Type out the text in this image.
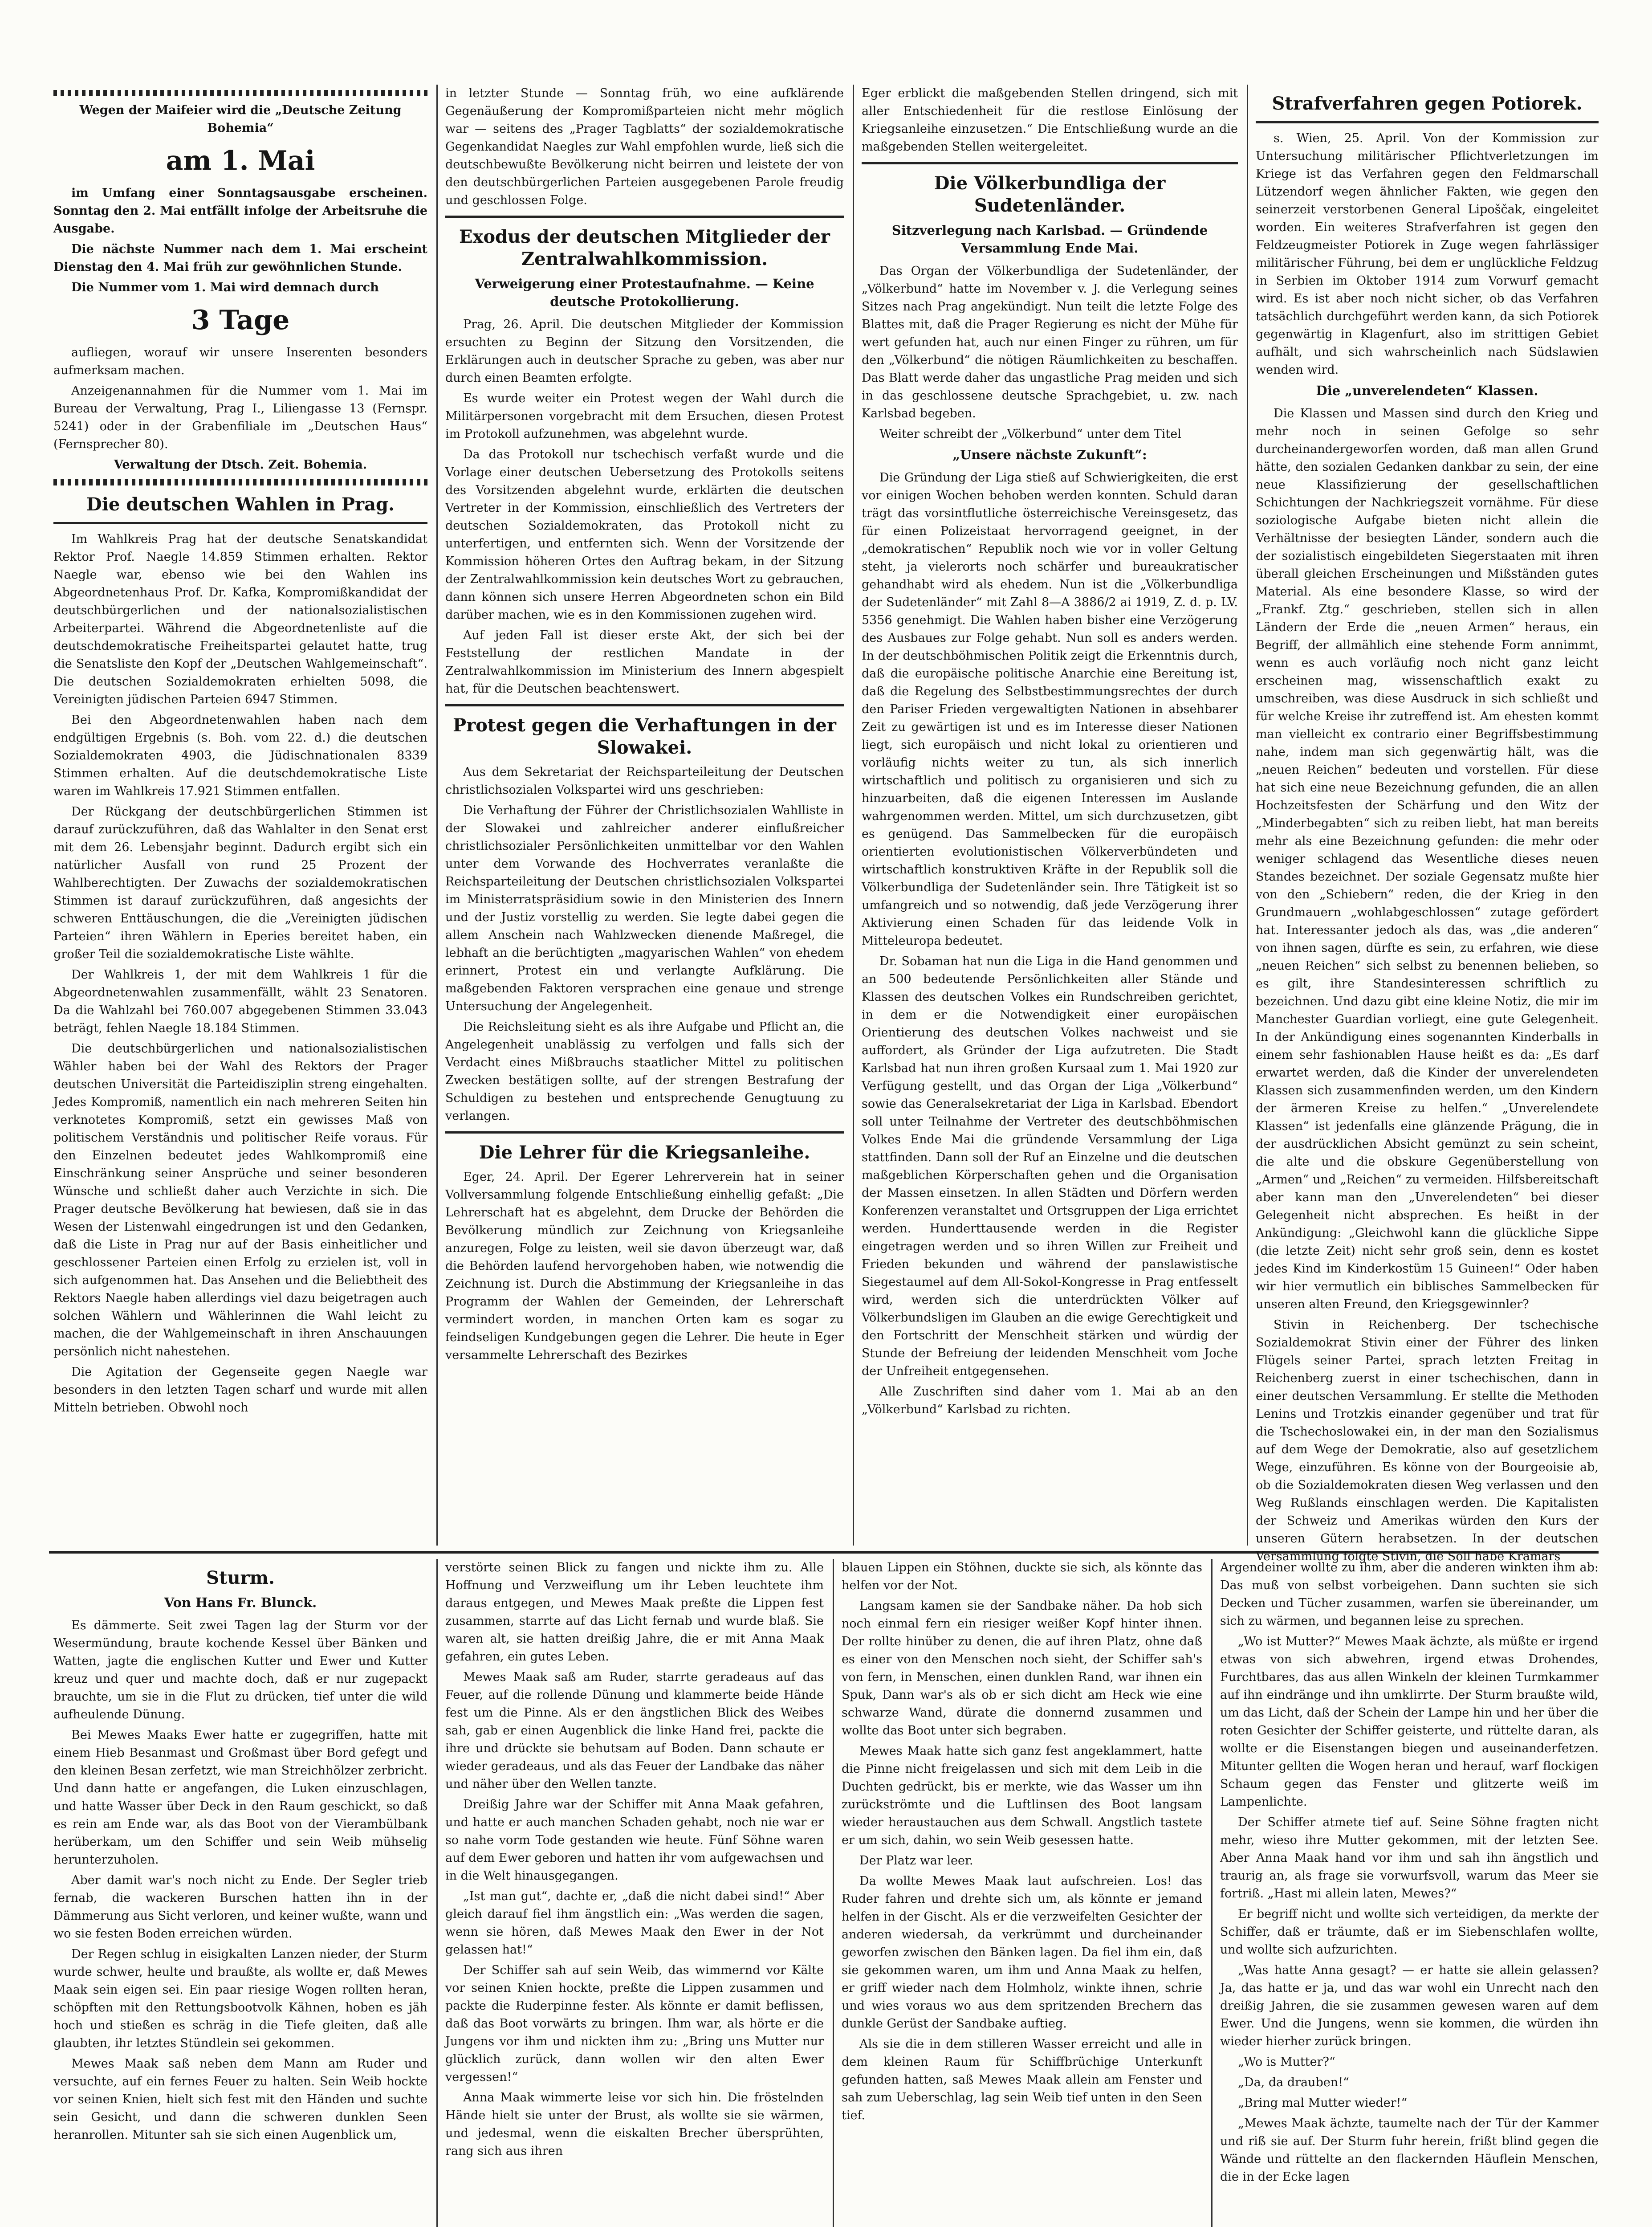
Wegen der Maifeier wird die „Deutsche Zeitung Bohemia“

am 1. Mai

im Umfang einer Sonntagsausgabe erscheinen. Sonntag den 2. Mai entfällt infolge der Arbeitsruhe die Ausgabe.

Die nächste Nummer nach dem 1. Mai erscheint Dienstag den 4. Mai früh zur gewöhnlichen Stunde.

Die Nummer vom 1. Mai wird demnach durch

3 Tage

aufliegen, worauf wir unsere Inserenten besonders aufmerksam machen.

Anzeigenannahmen für die Nummer vom 1. Mai im Bureau der Verwaltung, Prag I., Liliengasse 13 (Fernspr. 5241) oder in der Grabenfiliale im „Deutschen Haus“ (Fernsprecher 80).

Verwaltung der Dtsch. Zeit. Bohemia.

Die deutschen Wahlen in Prag.

Im Wahlkreis Prag hat der deutsche Senatskandidat Rektor Prof. Naegle 14.859 Stimmen erhalten. Rektor Naegle war, ebenso wie bei den Wahlen ins Abgeordnetenhaus Prof. Dr. Kafka, Kompromißkandidat der deutschbürgerlichen und der nationalsozialistischen Arbeiterpartei. Während die Abgeordnetenliste auf die deutschdemokratische Freiheitspartei gelautet hatte, trug die Senatsliste den Kopf der „Deutschen Wahlgemeinschaft“. Die deutschen Sozialdemokraten erhielten 5098, die Vereinigten jüdischen Parteien 6947 Stimmen.

Bei den Abgeordnetenwahlen haben nach dem endgültigen Ergebnis (s. Boh. vom 22. d.) die deutschen Sozialdemokraten 4903, die Jüdischnationalen 8339 Stimmen erhalten. Auf die deutschdemokratische Liste waren im Wahlkreis 17.921 Stimmen entfallen.

Der Rückgang der deutschbürgerlichen Stimmen ist darauf zurückzuführen, daß das Wahlalter in den Senat erst mit dem 26. Lebensjahr beginnt. Dadurch ergibt sich ein natürlicher Ausfall von rund 25 Prozent der Wahlberechtigten. Der Zuwachs der sozialdemokratischen Stimmen ist darauf zurückzuführen, daß angesichts der schweren Enttäuschungen, die die „Vereinigten jüdischen Parteien“ ihren Wählern in Eperies bereitet haben, ein großer Teil die sozialdemokratische Liste wählte.

Der Wahlkreis 1, der mit dem Wahlkreis 1 für die Abgeordnetenwahlen zusammenfällt, wählt 23 Senatoren. Da die Wahlzahl bei 760.007 abgegebenen Stimmen 33.043 beträgt, fehlen Naegle 18.184 Stimmen.

Die deutschbürgerlichen und nationalsozialistischen Wähler haben bei der Wahl des Rektors der Prager deutschen Universität die Parteidisziplin streng eingehalten. Jedes Kompromiß, namentlich ein nach mehreren Seiten hin verknotetes Kompromiß, setzt ein gewisses Maß von politischem Verständnis und politischer Reife voraus. Für den Einzelnen bedeutet jedes Wahlkompromiß eine Einschränkung seiner Ansprüche und seiner besonderen Wünsche und schließt daher auch Verzichte in sich. Die Prager deutsche Bevölkerung hat bewiesen, daß sie in das Wesen der Listenwahl eingedrungen ist und den Gedanken, daß die Liste in Prag nur auf der Basis einheitlicher und geschlossener Parteien einen Erfolg zu erzielen ist, voll in sich aufgenommen hat. Das Ansehen und die Beliebtheit des Rektors Naegle haben allerdings viel dazu beigetragen auch solchen Wählern und Wählerinnen die Wahl leicht zu machen, die der Wahlgemeinschaft in ihren Anschauungen persönlich nicht nahestehen.

Die Agitation der Gegenseite gegen Naegle war besonders in den letzten Tagen scharf und wurde mit allen Mitteln betrieben. Obwohl noch

in letzter Stunde — Sonntag früh, wo eine aufklärende Gegenäußerung der Kompromißparteien nicht mehr möglich war — seitens des „Prager Tagblatts“ der sozialdemokratische Gegenkandidat Naegles zur Wahl empfohlen wurde, ließ sich die deutschbewußte Bevölkerung nicht beirren und leistete der von den deutschbürgerlichen Parteien ausgegebenen Parole freudig und geschlossen Folge.

Exodus der deutschen Mitglieder der Zentralwahlkommission.
Verweigerung einer Protestaufnahme. — Keine deutsche Protokollierung.

Prag, 26. April. Die deutschen Mitglieder der Kommission ersuchten zu Beginn der Sitzung den Vorsitzenden, die Erklärungen auch in deutscher Sprache zu geben, was aber nur durch einen Beamten erfolgte.

Es wurde weiter ein Protest wegen der Wahl durch die Militärpersonen vorgebracht mit dem Ersuchen, diesen Protest im Protokoll aufzunehmen, was abgelehnt wurde.

Da das Protokoll nur tschechisch verfaßt wurde und die Vorlage einer deutschen Uebersetzung des Protokolls seitens des Vorsitzenden abgelehnt wurde, erklärten die deutschen Vertreter in der Kommission, einschließlich des Vertreters der deutschen Sozialdemokraten, das Protokoll nicht zu unterfertigen, und entfernten sich. Wenn der Vorsitzende der Kommission höheren Ortes den Auftrag bekam, in der Sitzung der Zentralwahlkommission kein deutsches Wort zu gebrauchen, dann können sich unsere Herren Abgeordneten schon ein Bild darüber machen, wie es in den Kommissionen zugehen wird.

Auf jeden Fall ist dieser erste Akt, der sich bei der Feststellung der restlichen Mandate in der Zentralwahlkommission im Ministerium des Innern abgespielt hat, für die Deutschen beachtenswert.

Protest gegen die Verhaftungen in der Slowakei.

Aus dem Sekretariat der Reichsparteileitung der Deutschen christlichsozialen Volkspartei wird uns geschrieben:

Die Verhaftung der Führer der Christlichsozialen Wahlliste in der Slowakei und zahlreicher anderer einflußreicher christlichsozialer Persönlichkeiten unmittelbar vor den Wahlen unter dem Vorwande des Hochverrates veranlaßte die Reichsparteileitung der Deutschen christlichsozialen Volkspartei im Ministerratspräsidium sowie in den Ministerien des Innern und der Justiz vorstellig zu werden. Sie legte dabei gegen die allem Anschein nach Wahlzwecken dienende Maßregel, die lebhaft an die berüchtigten „magyarischen Wahlen“ von ehedem erinnert, Protest ein und verlangte Aufklärung. Die maßgebenden Faktoren versprachen eine genaue und strenge Untersuchung der Angelegenheit.

Die Reichsleitung sieht es als ihre Aufgabe und Pflicht an, die Angelegenheit unablässig zu verfolgen und falls sich der Verdacht eines Mißbrauchs staatlicher Mittel zu politischen Zwecken bestätigen sollte, auf der strengen Bestrafung der Schuldigen zu bestehen und entsprechende Genugtuung zu verlangen.

Die Lehrer für die Kriegsanleihe.

Eger, 24. April. Der Egerer Lehrerverein hat in seiner Vollversammlung folgende Entschließung einhellig gefaßt: „Die Lehrerschaft hat es abgelehnt, dem Drucke der Behörden die Bevölkerung mündlich zur Zeichnung von Kriegsanleihe anzuregen, Folge zu leisten, weil sie davon überzeugt war, daß die Behörden laufend hervorgehoben haben, wie notwendig die Zeichnung ist. Durch die Abstimmung der Kriegsanleihe in das Programm der Wahlen der Gemeinden, der Lehrerschaft vermindert worden, in manchen Orten kam es sogar zu feindseligen Kundgebungen gegen die Lehrer. Die heute in Eger versammelte Lehrerschaft des Bezirkes

Eger erblickt die maßgebenden Stellen dringend, sich mit aller Entschiedenheit für die restlose Einlösung der Kriegsanleihe einzusetzen.“ Die Entschließung wurde an die maßgebenden Stellen weitergeleitet.

Die Völkerbundliga der Sudetenländer.
Sitzverlegung nach Karlsbad. — Gründende Versammlung Ende Mai.

Das Organ der Völkerbundliga der Sudetenländer, der „Völkerbund“ hatte im November v. J. die Verlegung seines Sitzes nach Prag angekündigt. Nun teilt die letzte Folge des Blattes mit, daß die Prager Regierung es nicht der Mühe für wert gefunden hat, auch nur einen Finger zu rühren, um für den „Völkerbund“ die nötigen Räumlichkeiten zu beschaffen. Das Blatt werde daher das ungastliche Prag meiden und sich in das geschlossene deutsche Sprachgebiet, u. zw. nach Karlsbad begeben.

Weiter schreibt der „Völkerbund“ unter dem Titel

„Unsere nächste Zukunft“:

Die Gründung der Liga stieß auf Schwierigkeiten, die erst vor einigen Wochen behoben werden konnten. Schuld daran trägt das vorsintflutliche österreichische Vereinsgesetz, das für einen Polizeistaat hervorragend geeignet, in der „demokratischen“ Republik noch wie vor in voller Geltung steht, ja vielerorts noch schärfer und bureaukratischer gehandhabt wird als ehedem. Nun ist die „Völkerbundliga der Sudetenländer“ mit Zahl 8—A 3886/2 ai 1919, Z. d. p. LV. 5356 genehmigt. Die Wahlen haben bisher eine Verzögerung des Ausbaues zur Folge gehabt. Nun soll es anders werden. In der deutschböhmischen Politik zeigt die Erkenntnis durch, daß die europäische politische Anarchie eine Bereitung ist, daß die Regelung des Selbstbestimmungsrechtes der durch den Pariser Frieden vergewaltigten Nationen in absehbarer Zeit zu gewärtigen ist und es im Interesse dieser Nationen liegt, sich europäisch und nicht lokal zu orientieren und vorläufig nichts weiter zu tun, als sich innerlich wirtschaftlich und politisch zu organisieren und sich zu hinzuarbeiten, daß die eigenen Interessen im Auslande wahrgenommen werden. Mittel, um sich durchzusetzen, gibt es genügend. Das Sammelbecken für die europäisch orientierten evolutionistischen Völkerverbündeten und wirtschaftlich konstruktiven Kräfte in der Republik soll die Völkerbundliga der Sudetenländer sein. Ihre Tätigkeit ist so umfangreich und so notwendig, daß jede Verzögerung ihrer Aktivierung einen Schaden für das leidende Volk in Mitteleuropa bedeutet.

Dr. Sobaman hat nun die Liga in die Hand genommen und an 500 bedeutende Persönlichkeiten aller Stände und Klassen des deutschen Volkes ein Rundschreiben gerichtet, in dem er die Notwendigkeit einer europäischen Orientierung des deutschen Volkes nachweist und sie auffordert, als Gründer der Liga aufzutreten. Die Stadt Karlsbad hat nun ihren großen Kursaal zum 1. Mai 1920 zur Verfügung gestellt, und das Organ der Liga „Völkerbund“ sowie das Generalsekretariat der Liga in Karlsbad. Ebendort soll unter Teilnahme der Vertreter des deutschböhmischen Volkes Ende Mai die gründende Versammlung der Liga stattfinden. Dann soll der Ruf an Einzelne und die deutschen maßgeblichen Körperschaften gehen und die Organisation der Massen einsetzen. In allen Städten und Dörfern werden Konferenzen veranstaltet und Ortsgruppen der Liga errichtet werden. Hunderttausende werden in die Register eingetragen werden und so ihren Willen zur Freiheit und Frieden bekunden und während der panslawistische Siegestaumel auf dem All-Sokol-Kongresse in Prag entfesselt wird, werden sich die unterdrückten Völker auf Völkerbundsligen im Glauben an die ewige Gerechtigkeit und den Fortschritt der Menschheit stärken und würdig der Stunde der Befreiung der leidenden Menschheit vom Joche der Unfreiheit entgegensehen.

Alle Zuschriften sind daher vom 1. Mai ab an den „Völkerbund“ Karlsbad zu richten.

Strafverfahren gegen Potiorek.

s. Wien, 25. April. Von der Kommission zur Untersuchung militärischer Pflichtverletzungen im Kriege ist das Verfahren gegen den Feldmarschall Lützendorf wegen ähnlicher Fakten, wie gegen den seinerzeit verstorbenen General Lipoščak, eingeleitet worden. Ein weiteres Strafverfahren ist gegen den Feldzeugmeister Potiorek in Zuge wegen fahrlässiger militärischer Führung, bei dem er unglückliche Feldzug in Serbien im Oktober 1914 zum Vorwurf gemacht wird. Es ist aber noch nicht sicher, ob das Verfahren tatsächlich durchgeführt werden kann, da sich Potiorek gegenwärtig in Klagenfurt, also im strittigen Gebiet aufhält, und sich wahrscheinlich nach Südslawien wenden wird.

Die „unverelendeten“ Klassen.

Die Klassen und Massen sind durch den Krieg und mehr noch in seinen Gefolge so sehr durcheinandergeworfen worden, daß man allen Grund hätte, den sozialen Gedanken dankbar zu sein, der eine neue Klassifizierung der gesellschaftlichen Schichtungen der Nachkriegszeit vornähme. Für diese soziologische Aufgabe bieten nicht allein die Verhältnisse der besiegten Länder, sondern auch die der sozialistisch eingebildeten Siegerstaaten mit ihren überall gleichen Erscheinungen und Mißständen gutes Material. Als eine besondere Klasse, so wird der „Frankf. Ztg.“ geschrieben, stellen sich in allen Ländern der Erde die „neuen Armen“ heraus, ein Begriff, der allmählich eine stehende Form annimmt, wenn es auch vorläufig noch nicht ganz leicht erscheinen mag, wissenschaftlich exakt zu umschreiben, was diese Ausdruck in sich schließt und für welche Kreise ihr zutreffend ist. Am ehesten kommt man vielleicht ex contrario einer Begriffsbestimmung nahe, indem man sich gegenwärtig hält, was die „neuen Reichen“ bedeuten und vorstellen. Für diese hat sich eine neue Bezeichnung gefunden, die an allen Hochzeitsfesten der Schärfung und den Witz der „Minderbegabten“ sich zu reiben liebt, hat man bereits mehr als eine Bezeichnung gefunden: die mehr oder weniger schlagend das Wesentliche dieses neuen Standes bezeichnet. Der soziale Gegensatz mußte hier von den „Schiebern“ reden, die der Krieg in den Grundmauern „wohlabgeschlossen“ zutage gefördert hat. Interessanter jedoch als das, was „die anderen“ von ihnen sagen, dürfte es sein, zu erfahren, wie diese „neuen Reichen“ sich selbst zu benennen belieben, so es gilt, ihre Standesinteressen schriftlich zu bezeichnen. Und dazu gibt eine kleine Notiz, die mir im Manchester Guardian vorliegt, eine gute Gelegenheit. In der Ankündigung eines sogenannten Kinderballs in einem sehr fashionablen Hause heißt es da: „Es darf erwartet werden, daß die Kinder der unverelendeten Klassen sich zusammenfinden werden, um den Kindern der ärmeren Kreise zu helfen.“ „Unverelendete Klassen“ ist jedenfalls eine glänzende Prägung, die in der ausdrücklichen Absicht gemünzt zu sein scheint, die alte und die obskure Gegenüberstellung von „Armen“ und „Reichen“ zu vermeiden. Hilfsbereitschaft aber kann man den „Unverelendeten“ bei dieser Gelegenheit nicht absprechen. Es heißt in der Ankündigung: „Gleichwohl kann die glückliche Sippe (die letzte Zeit) nicht sehr groß sein, denn es kostet jedes Kind im Kinderkostüm 15 Guineen!“ Oder haben wir hier vermutlich ein biblisches Sammelbecken für unseren alten Freund, den Kriegsgewinnler?

Stivin in Reichenberg. Der tschechische Sozialdemokrat Stivin einer der Führer des linken Flügels seiner Partei, sprach letzten Freitag in Reichenberg zuerst in einer tschechischen, dann in einer deutschen Versammlung. Er stellte die Methoden Lenins und Trotzkis einander gegenüber und trat für die Tschechoslowakei ein, in der man den Sozialismus auf dem Wege der Demokratie, also auf gesetzlichem Wege, einzuführen. Es könne von der Bourgeoisie ab, ob die Sozialdemokraten diesen Weg verlassen und den Weg Rußlands einschlagen werden. Die Kapitalisten der Schweiz und Amerikas würden den Kurs der unseren Gütern herabsetzen. In der deutschen Versammlung folgte Stivin, die Soll habe Kramars

Sturm.
Von Hans Fr. Blunck.

Es dämmerte. Seit zwei Tagen lag der Sturm vor der Wesermündung, braute kochende Kessel über Bänken und Watten, jagte die englischen Kutter und Ewer und Kutter kreuz und quer und machte doch, daß er nur zugepackt brauchte, um sie in die Flut zu drücken, tief unter die wild aufheulende Dünung.

Bei Mewes Maaks Ewer hatte er zugegriffen, hatte mit einem Hieb Besanmast und Großmast über Bord gefegt und den kleinen Besan zerfetzt, wie man Streichhölzer zerbricht. Und dann hatte er angefangen, die Luken einzuschlagen, und hatte Wasser über Deck in den Raum geschickt, so daß es rein am Ende war, als das Boot von der Vierambülbank herüberkam, um den Schiffer und sein Weib mühselig herunterzuholen.

Aber damit war's noch nicht zu Ende. Der Segler trieb fernab, die wackeren Burschen hatten ihn in der Dämmerung aus Sicht verloren, und keiner wußte, wann und wo sie festen Boden erreichen würden.

Der Regen schlug in eisigkalten Lanzen nieder, der Sturm wurde schwer, heulte und braußte, als wollte er, daß Mewes Maak sein eigen sei. Ein paar riesige Wogen rollten heran, schöpften mit den Rettungsbootvolk Kähnen, hoben es jäh hoch und stießen es schräg in die Tiefe gleiten, daß alle glaubten, ihr letztes Stündlein sei gekommen.

Mewes Maak saß neben dem Mann am Ruder und versuchte, auf ein fernes Feuer zu halten. Sein Weib hockte vor seinen Knien, hielt sich fest mit den Händen und suchte sein Gesicht, und dann die schweren dunklen Seen heranrollen. Mitunter sah sie sich einen Augenblick um,

verstörte seinen Blick zu fangen und nickte ihm zu. Alle Hoffnung und Verzweiflung um ihr Leben leuchtete ihm daraus entgegen, und Mewes Maak preßte die Lippen fest zusammen, starrte auf das Licht fernab und wurde blaß. Sie waren alt, sie hatten dreißig Jahre, die er mit Anna Maak gefahren, ein gutes Leben.

Mewes Maak saß am Ruder, starrte geradeaus auf das Feuer, auf die rollende Dünung und klammerte beide Hände fest um die Pinne. Als er den ängstlichen Blick des Weibes sah, gab er einen Augenblick die linke Hand frei, packte die ihre und drückte sie behutsam auf Boden. Dann schaute er wieder geradeaus, und als das Feuer der Landbake das näher und näher über den Wellen tanzte.

Dreißig Jahre war der Schiffer mit Anna Maak gefahren, und hatte er auch manchen Schaden gehabt, noch nie war er so nahe vorm Tode gestanden wie heute. Fünf Söhne waren auf dem Ewer geboren und hatten ihr vom aufgewachsen und in die Welt hinausgegangen.

„Ist man gut“, dachte er, „daß die nicht dabei sind!“ Aber gleich darauf fiel ihm ängstlich ein: „Was werden die sagen, wenn sie hören, daß Mewes Maak den Ewer in der Not gelassen hat!“

Der Schiffer sah auf sein Weib, das wimmernd vor Kälte vor seinen Knien hockte, preßte die Lippen zusammen und packte die Ruderpinne fester. Als könnte er damit beflissen, daß das Boot vorwärts zu bringen. Ihm war, als hörte er die Jungens vor ihm und nickten ihm zu: „Bring uns Mutter nur glücklich zurück, dann wollen wir den alten Ewer vergessen!“

Anna Maak wimmerte leise vor sich hin. Die fröstelnden Hände hielt sie unter der Brust, als wollte sie sie wärmen, und jedesmal, wenn die eiskalten Brecher übersprühten, rang sich aus ihren

blauen Lippen ein Stöhnen, duckte sie sich, als könnte das helfen vor der Not.

Langsam kamen sie der Sandbake näher. Da hob sich noch einmal fern ein riesiger weißer Kopf hinter ihnen. Der rollte hinüber zu denen, die auf ihren Platz, ohne daß es einer von den Menschen noch sieht, der Schiffer sah's von fern, in Menschen, einen dunklen Rand, war ihnen ein Spuk, Dann war's als ob er sich dicht am Heck wie eine schwarze Wand, dürate die donnernd zusammen und wollte das Boot unter sich begraben.

Mewes Maak hatte sich ganz fest angeklammert, hatte die Pinne nicht freigelassen und sich mit dem Leib in die Duchten gedrückt, bis er merkte, wie das Wasser um ihn zurückströmte und die Luftlinsen des Boot langsam wieder heraustauchen aus dem Schwall. Angstlich tastete er um sich, dahin, wo sein Weib gesessen hatte.

Der Platz war leer.

Da wollte Mewes Maak laut aufschreien. Los! das Ruder fahren und drehte sich um, als könnte er jemand helfen in der Gischt. Als er die verzweifelten Gesichter der anderen wiedersah, da verkrümmt und durcheinander geworfen zwischen den Bänken lagen. Da fiel ihm ein, daß sie gekommen waren, um ihm und Anna Maak zu helfen, er griff wieder nach dem Holmholz, winkte ihnen, schrie und wies voraus wo aus dem spritzenden Brechern das dunkle Gerüst der Sandbake auftieg.

Als sie die in dem stilleren Wasser erreicht und alle in dem kleinen Raum für Schiffbrüchige Unterkunft gefunden hatten, saß Mewes Maak allein am Fenster und sah zum Ueberschlag, lag sein Weib tief unten in den Seen tief.

Argendeiner wollte zu ihm, aber die anderen winkten ihm ab: Das muß von selbst vorbeigehen. Dann suchten sie sich Decken und Tücher zusammen, warfen sie übereinander, um sich zu wärmen, und begannen leise zu sprechen.

„Wo ist Mutter?“ Mewes Maak ächzte, als müßte er irgend etwas von sich abwehren, irgend etwas Drohendes, Furchtbares, das aus allen Winkeln der kleinen Turmkammer auf ihn eindränge und ihn umklirrte. Der Sturm braußte wild, um das Licht, daß der Schein der Lampe hin und her über die roten Gesichter der Schiffer geisterte, und rüttelte daran, als wollte er die Eisenstangen biegen und auseinanderfetzen. Mitunter gellten die Wogen heran und herauf, warf flockigen Schaum gegen das Fenster und glitzerte weiß im Lampenlichte.

Der Schiffer atmete tief auf. Seine Söhne fragten nicht mehr, wieso ihre Mutter gekommen, mit der letzten See. Aber Anna Maak hand vor ihm und sah ihn ängstlich und traurig an, als frage sie vorwurfsvoll, warum das Meer sie fortriß. „Hast mi allein laten, Mewes?“

Er begriff nicht und wollte sich verteidigen, da merkte der Schiffer, daß er träumte, daß er im Siebenschlafen wollte, und wollte sich aufzurichten.

„Was hatte Anna gesagt? — er hatte sie allein gelassen? Ja, das hatte er ja, und das war wohl ein Unrecht nach den dreißig Jahren, die sie zusammen gewesen waren auf dem Ewer. Und die Jungens, wenn sie kommen, die würden ihn wieder hierher zurück bringen.

„Wo is Mutter?“

„Da, da drauben!“

„Bring mal Mutter wieder!“

„Mewes Maak ächzte, taumelte nach der Tür der Kammer und riß sie auf. Der Sturm fuhr herein, frißt blind gegen die Wände und rüttelte an den flackernden Häuflein Menschen, die in der Ecke lagen
